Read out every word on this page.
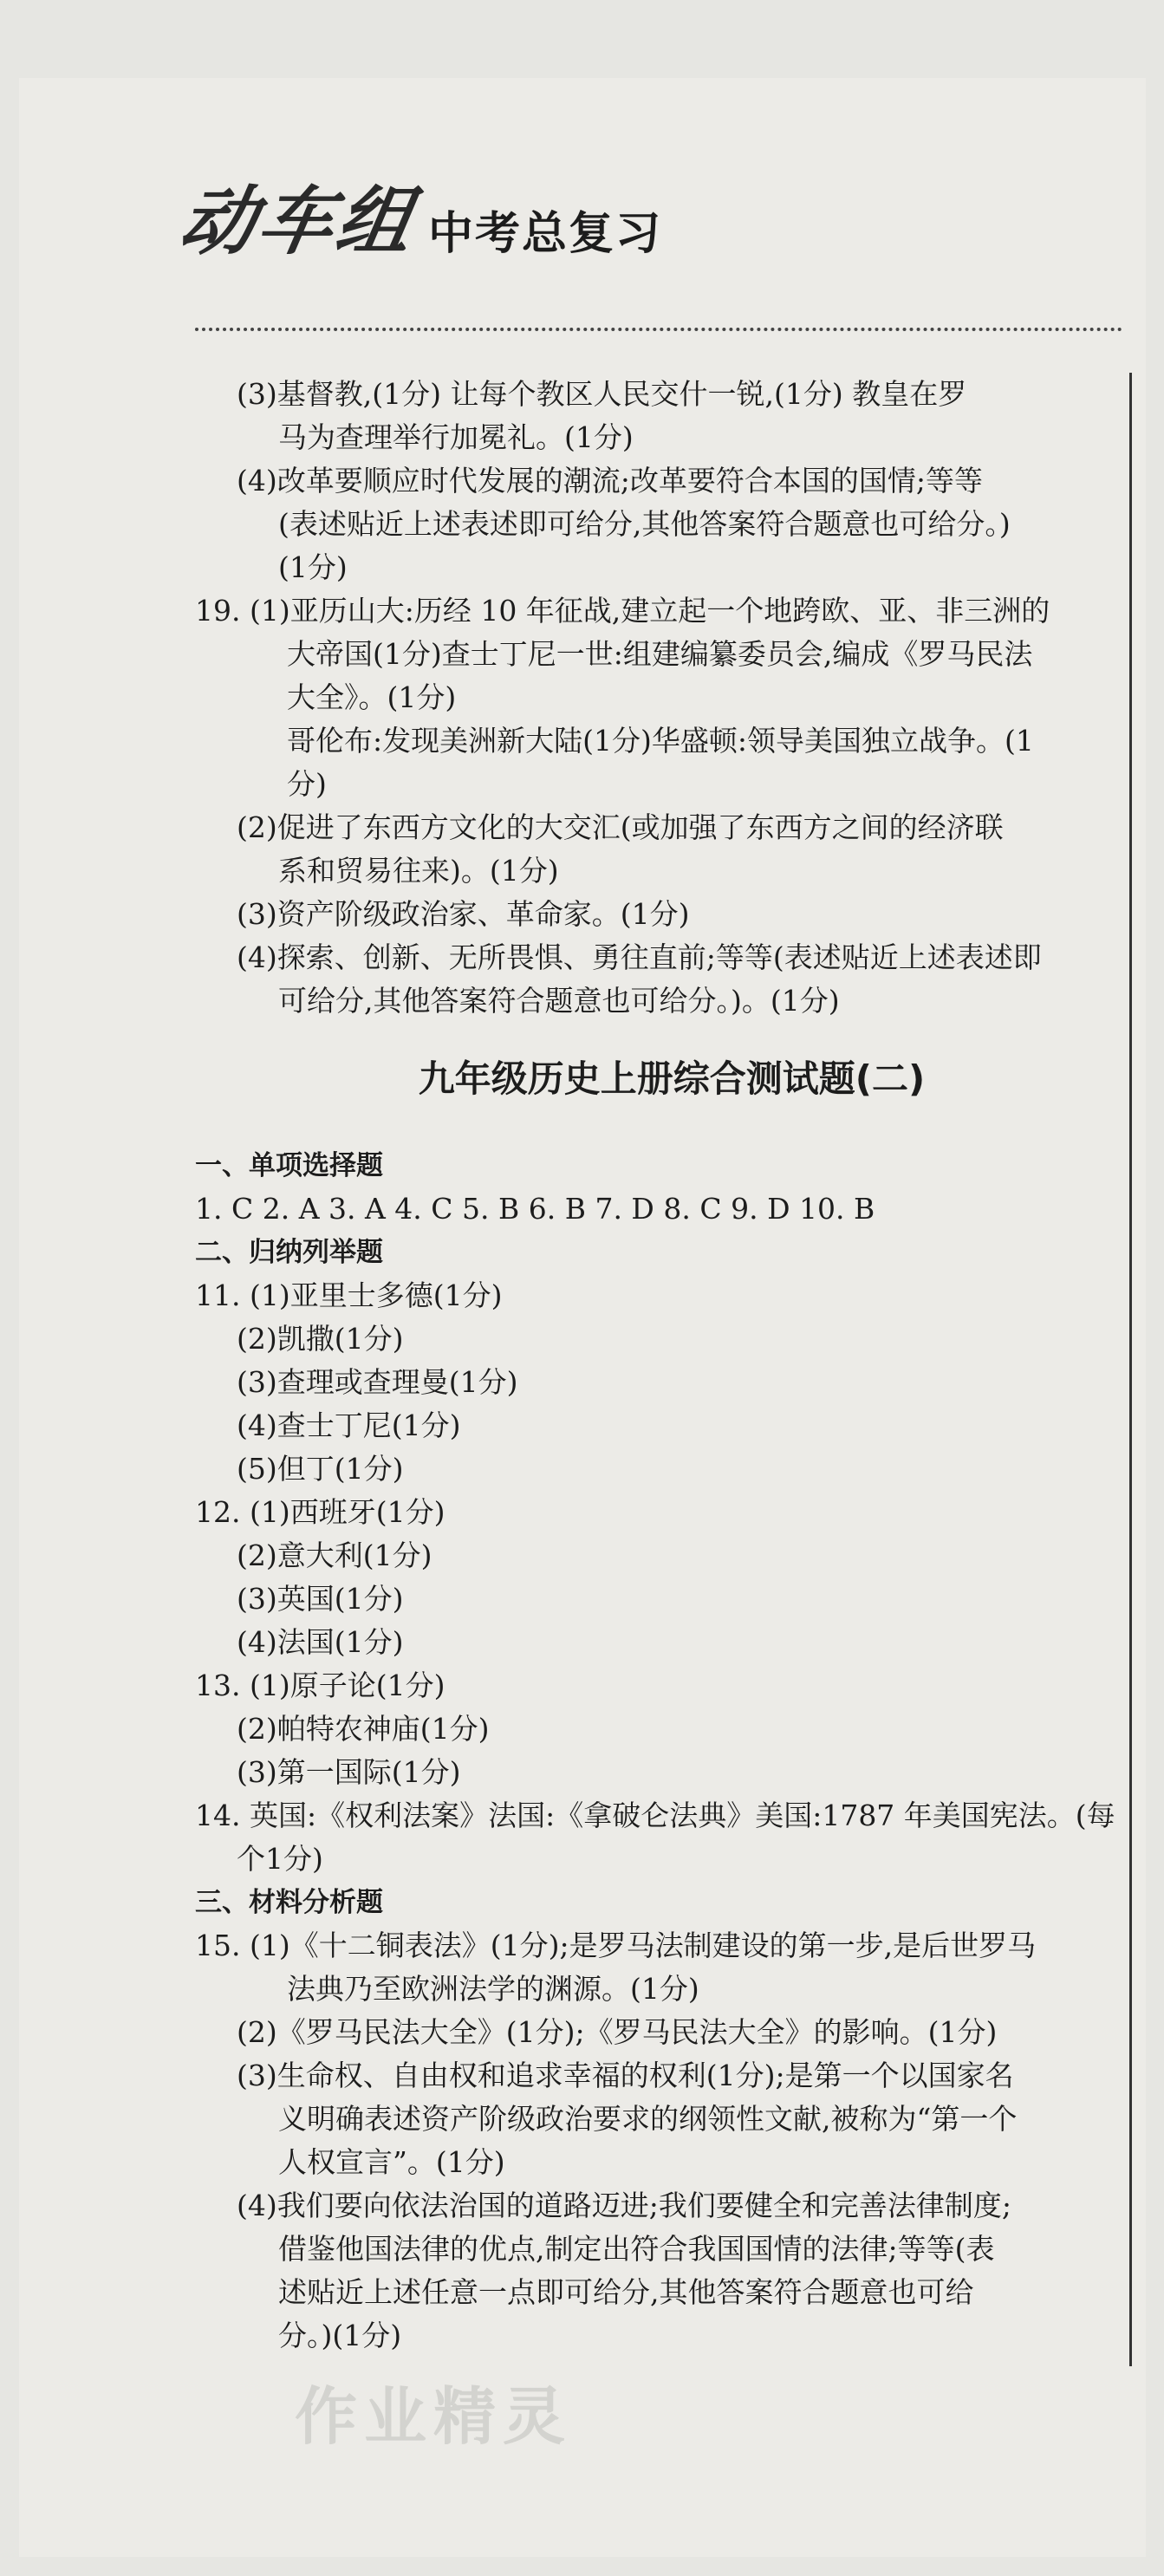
动车组 中考总复习
(3)基督教,(1分) 让每个教区人民交什一锐,(1分) 教皇在罗
马为查理举行加冕礼。(1分)
(4)改革要顺应时代发展的潮流;改革要符合本国的国情;等等
(表述贴近上述表述即可给分,其他答案符合题意也可给分。)
(1分)
19. (1)亚历山大:历经 10 年征战,建立起一个地跨欧、亚、非三洲的
大帝国(1分)查士丁尼一世:组建编纂委员会,编成《罗马民法
大全》。(1分)
哥伦布:发现美洲新大陆(1分)华盛顿:领导美国独立战争。(1
分)
(2)促进了东西方文化的大交汇(或加强了东西方之间的经济联
系和贸易往来)。(1分)
(3)资产阶级政治家、革命家。(1分)
(4)探索、创新、无所畏惧、勇往直前;等等(表述贴近上述表述即
可给分,其他答案符合题意也可给分。)。(1分)
九年级历史上册综合测试题(二)
一、单项选择题
1. C 2. A 3. A 4. C 5. B 6. B 7. D 8. C 9. D 10. B
二、归纳列举题
11. (1)亚里士多德(1分)
(2)凯撒(1分)
(3)查理或查理曼(1分)
(4)查士丁尼(1分)
(5)但丁(1分)
12. (1)西班牙(1分)
(2)意大利(1分)
(3)英国(1分)
(4)法国(1分)
13. (1)原子论(1分)
(2)帕特农神庙(1分)
(3)第一国际(1分)
14. 英国:《权利法案》法国:《拿破仑法典》美国:1787 年美国宪法。(每
个1分)
三、材料分析题
15. (1)《十二铜表法》(1分);是罗马法制建设的第一步,是后世罗马
法典乃至欧洲法学的渊源。(1分)
(2)《罗马民法大全》(1分);《罗马民法大全》的影响。(1分)
(3)生命权、自由权和追求幸福的权利(1分);是第一个以国家名
义明确表述资产阶级政治要求的纲领性文献,被称为“第一个
人权宣言”。(1分)
(4)我们要向依法治国的道路迈进;我们要健全和完善法律制度;
借鉴他国法律的优点,制定出符合我国国情的法律;等等(表
述贴近上述任意一点即可给分,其他答案符合题意也可给
分。)(1分)
作业精灵
